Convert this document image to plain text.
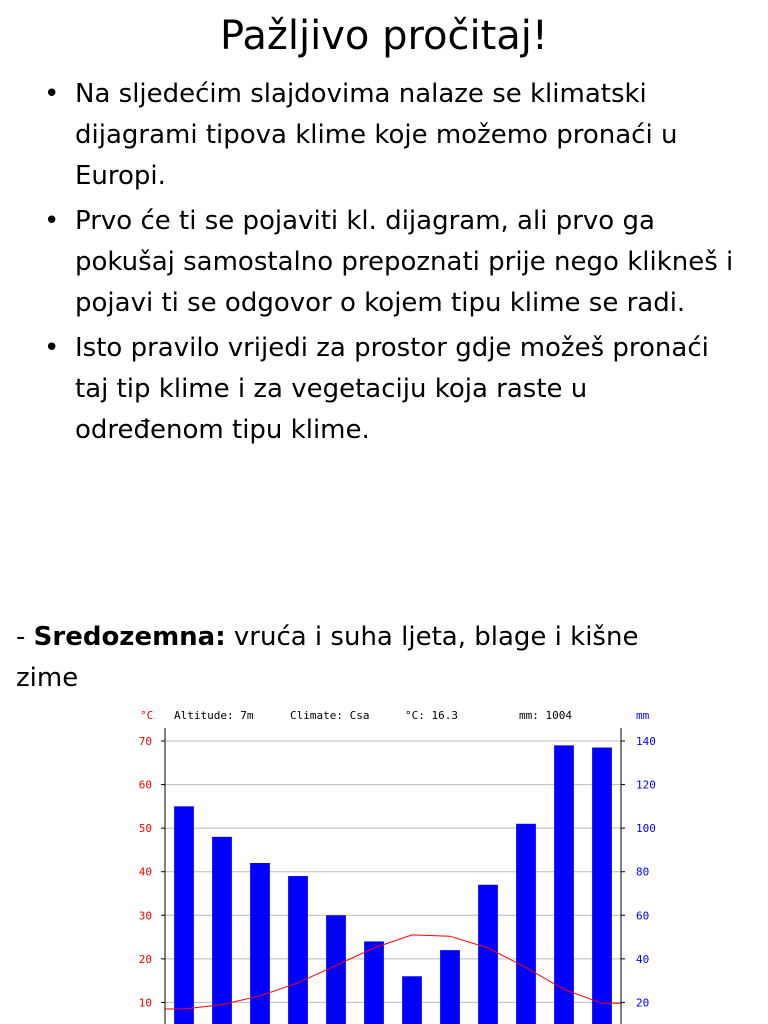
Pažljivo pročitaj!
• Na sljedećim slajdovima nalaze se klimatski dijagrami tipova klime koje možemo pronaći u Europi.
• Prvo će ti se pojaviti kl. dijagram, ali prvo ga pokušaj samostalno prepoznati prije nego klikneš i pojavi ti se odgovor o kojem tipu klime se radi.
• Isto pravilo vrijedi za prostor gdje možeš pronaći taj tip klime i za vegetaciju koja raste u određenom tipu klime.
- Sredozemna: vruća i suha ljeta, blage i kišne zime
10	20
20	40
30	60
40	80
50	100
60	120
70	140
°C Altitude: 7m	Climate: Csa	°C: 16.3	mm: 1004	mm
